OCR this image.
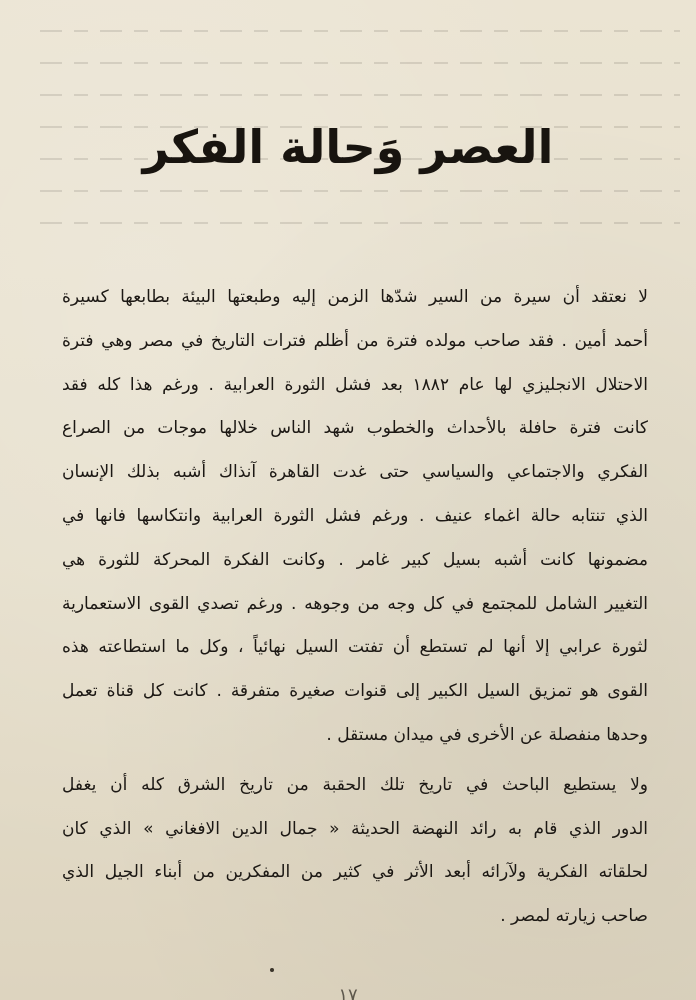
العصر وَحالة الفكر
لا نعتقد أن سيرة من السير شدّها الزمن إليه وطبعتها البيئة بطابعها كسيرة
أحمد أمين . فقد صاحب مولده فترة من أظلم فترات التاريخ في مصر وهي فترة
الاحتلال الانجليزي لها عام ١٨٨٢ بعد فشل الثورة العرابية . ورغم هذا كله فقد
كانت فترة حافلة بالأحداث والخطوب شهد الناس خلالها موجات من الصراع
الفكري والاجتماعي والسياسي حتى غدت القاهرة آنذاك أشبه بذلك الإنسان
الذي تنتابه حالة اغماء عنيف . ورغم فشل الثورة العرابية وانتكاسها فانها في
مضمونها كانت أشبه بسيل كبير غامر . وكانت الفكرة المحركة للثورة هي
التغيير الشامل للمجتمع في كل وجه من وجوهه . ورغم تصدي القوى الاستعمارية
لثورة عرابي إلا أنها لم تستطع أن تفتت السيل نهائياً ، وكل ما استطاعته هذه
القوى هو تمزيق السيل الكبير إلى قنوات صغيرة متفرقة . كانت كل قناة تعمل
وحدها منفصلة عن الأخرى في ميدان مستقل .
ولا يستطيع الباحث في تاريخ تلك الحقبة من تاريخ الشرق كله أن يغفل
الدور الذي قام به رائد النهضة الحديثة « جمال الدين الافغاني » الذي كان
لحلقاته الفكرية ولآرائه أبعد الأثر في كثير من المفكرين من أبناء الجيل الذي
صاحب زيارته لمصر .
١٧
